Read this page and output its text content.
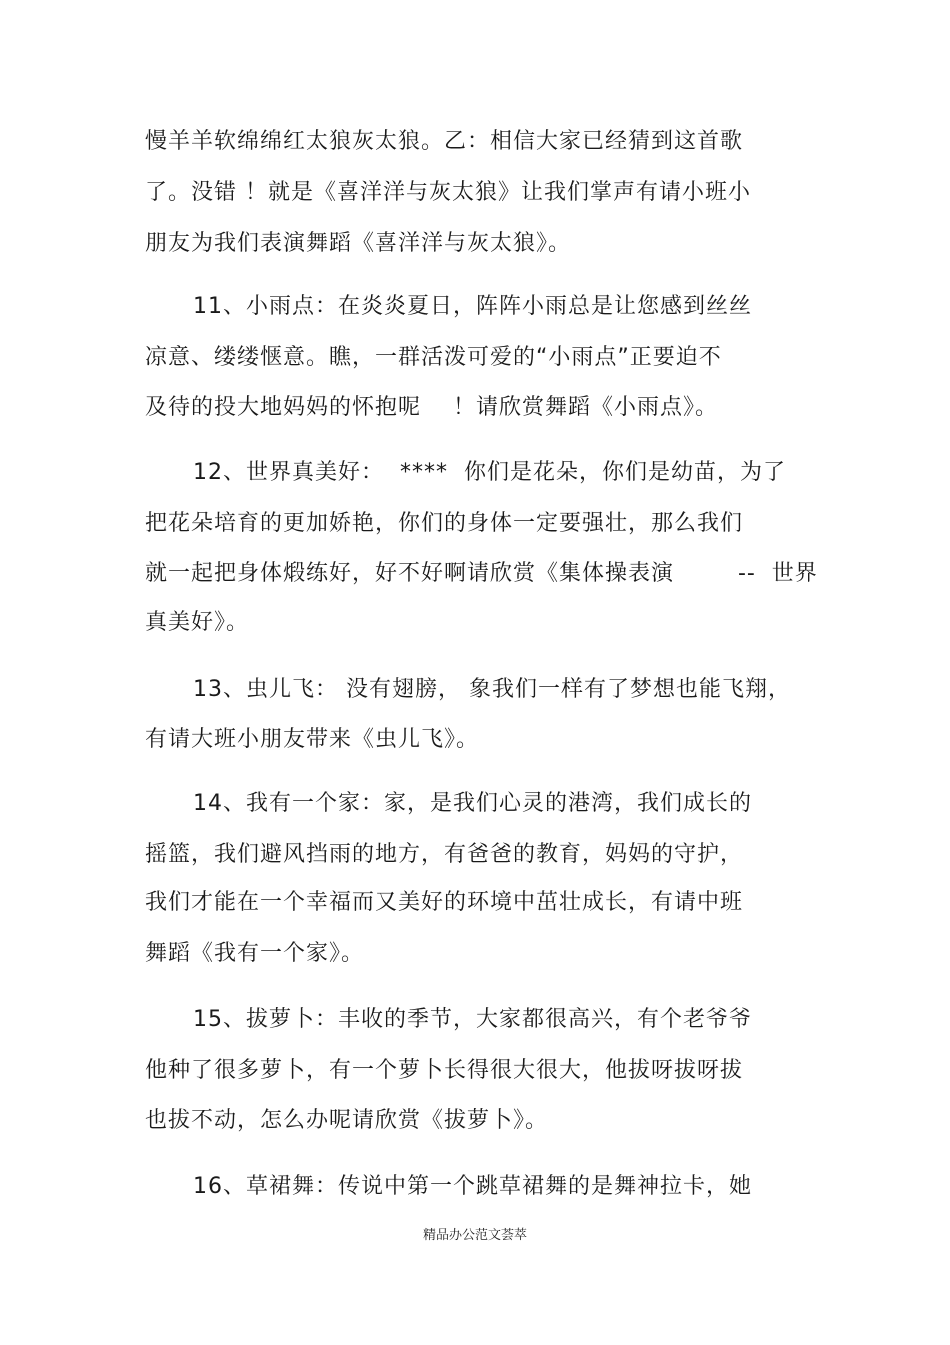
慢羊羊软绵绵红太狼灰太狼。乙：相信大家已经猜到这首歌
了。没错 ！就是《喜洋洋与灰太狼》让我们掌声有请小班小
朋友为我们表演舞蹈《喜洋洋与灰太狼》。
11、小雨点：在炎炎夏日，阵阵小雨总是让您感到丝丝
凉意、缕缕惬意。瞧，一群活泼可爱的“小雨点”正要迫不
及待的投大地妈妈的怀抱呢    ！请欣赏舞蹈《小雨点》。
12、世界真美好：  ****  你们是花朵，你们是幼苗，为了
把花朵培育的更加娇艳，你们的身体一定要强壮，那么我们
就一起把身体煅练好，好不好啊请欣赏《集体操表演        --  世界
真美好》。
13、虫儿飞： 没有翅膀， 象我们一样有了梦想也能飞翔，
有请大班小朋友带来《虫儿飞》。
14、我有一个家：家，是我们心灵的港湾，我们成长的
摇篮，我们避风挡雨的地方，有爸爸的教育，妈妈的守护，
我们才能在一个幸福而又美好的环境中茁壮成长，有请中班
舞蹈《我有一个家》。
15、拔萝卜：丰收的季节，大家都很高兴，有个老爷爷
他种了很多萝卜，有一个萝卜长得很大很大，他拔呀拔呀拔
也拔不动，怎么办呢请欣赏《拔萝卜》。
16、草裙舞：传说中第一个跳草裙舞的是舞神拉卡，她
精品办公范文荟萃
